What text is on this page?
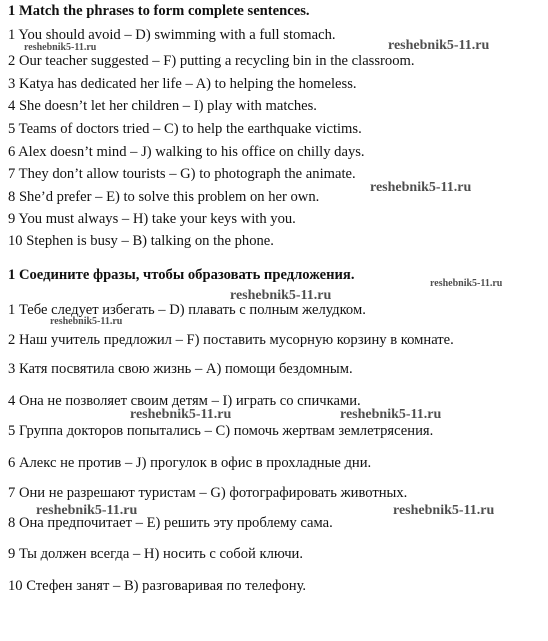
1 Match the phrases to form complete sentences.
1 You should avoid – D) swimming with a full stomach.
2 Our teacher suggested – F) putting a recycling bin in the classroom.
3 Katya has dedicated her life – A) to helping the homeless.
4 She doesn’t let her children – I) play with matches.
5 Teams of doctors tried – C) to help the earthquake victims.
6 Alex doesn’t mind – J) walking to his office on chilly days.
7 They don’t allow tourists – G) to photograph the animate.
8 She’d prefer – E) to solve this problem on her own.
9 You must always – H) take your keys with you.
10 Stephen is busy – B) talking on the phone.
1 Соедините фразы, чтобы образовать предложения.
1 Тебе следует избегать – D) плавать с полным желудком.
2 Наш учитель предложил – F) поставить мусорную корзину в комнате.
3 Катя посвятила свою жизнь – A) помощи бездомным.
4 Она не позволяет своим детям – I) играть со спичками.
5 Группа докторов попытались – C) помочь жертвам землетрясения.
6 Алекс не против – J) прогулок в офис в прохладные дни.
7 Они не разрешают туристам – G) фотографировать животных.
8 Она предпочитает – E) решить эту проблему сама.
9 Ты должен всегда – H) носить с собой ключи.
10 Стефен занят – B) разговаривая по телефону.
reshebnik5-11.ru	reshebnik5-11.ru
reshebnik5-11.ru
reshebnik5-11.ru
reshebnik5-11.ru
reshebnik5-11.ru
reshebnik5-11.ru	reshebnik5-11.ru
reshebnik5-11.ru	reshebnik5-11.ru
